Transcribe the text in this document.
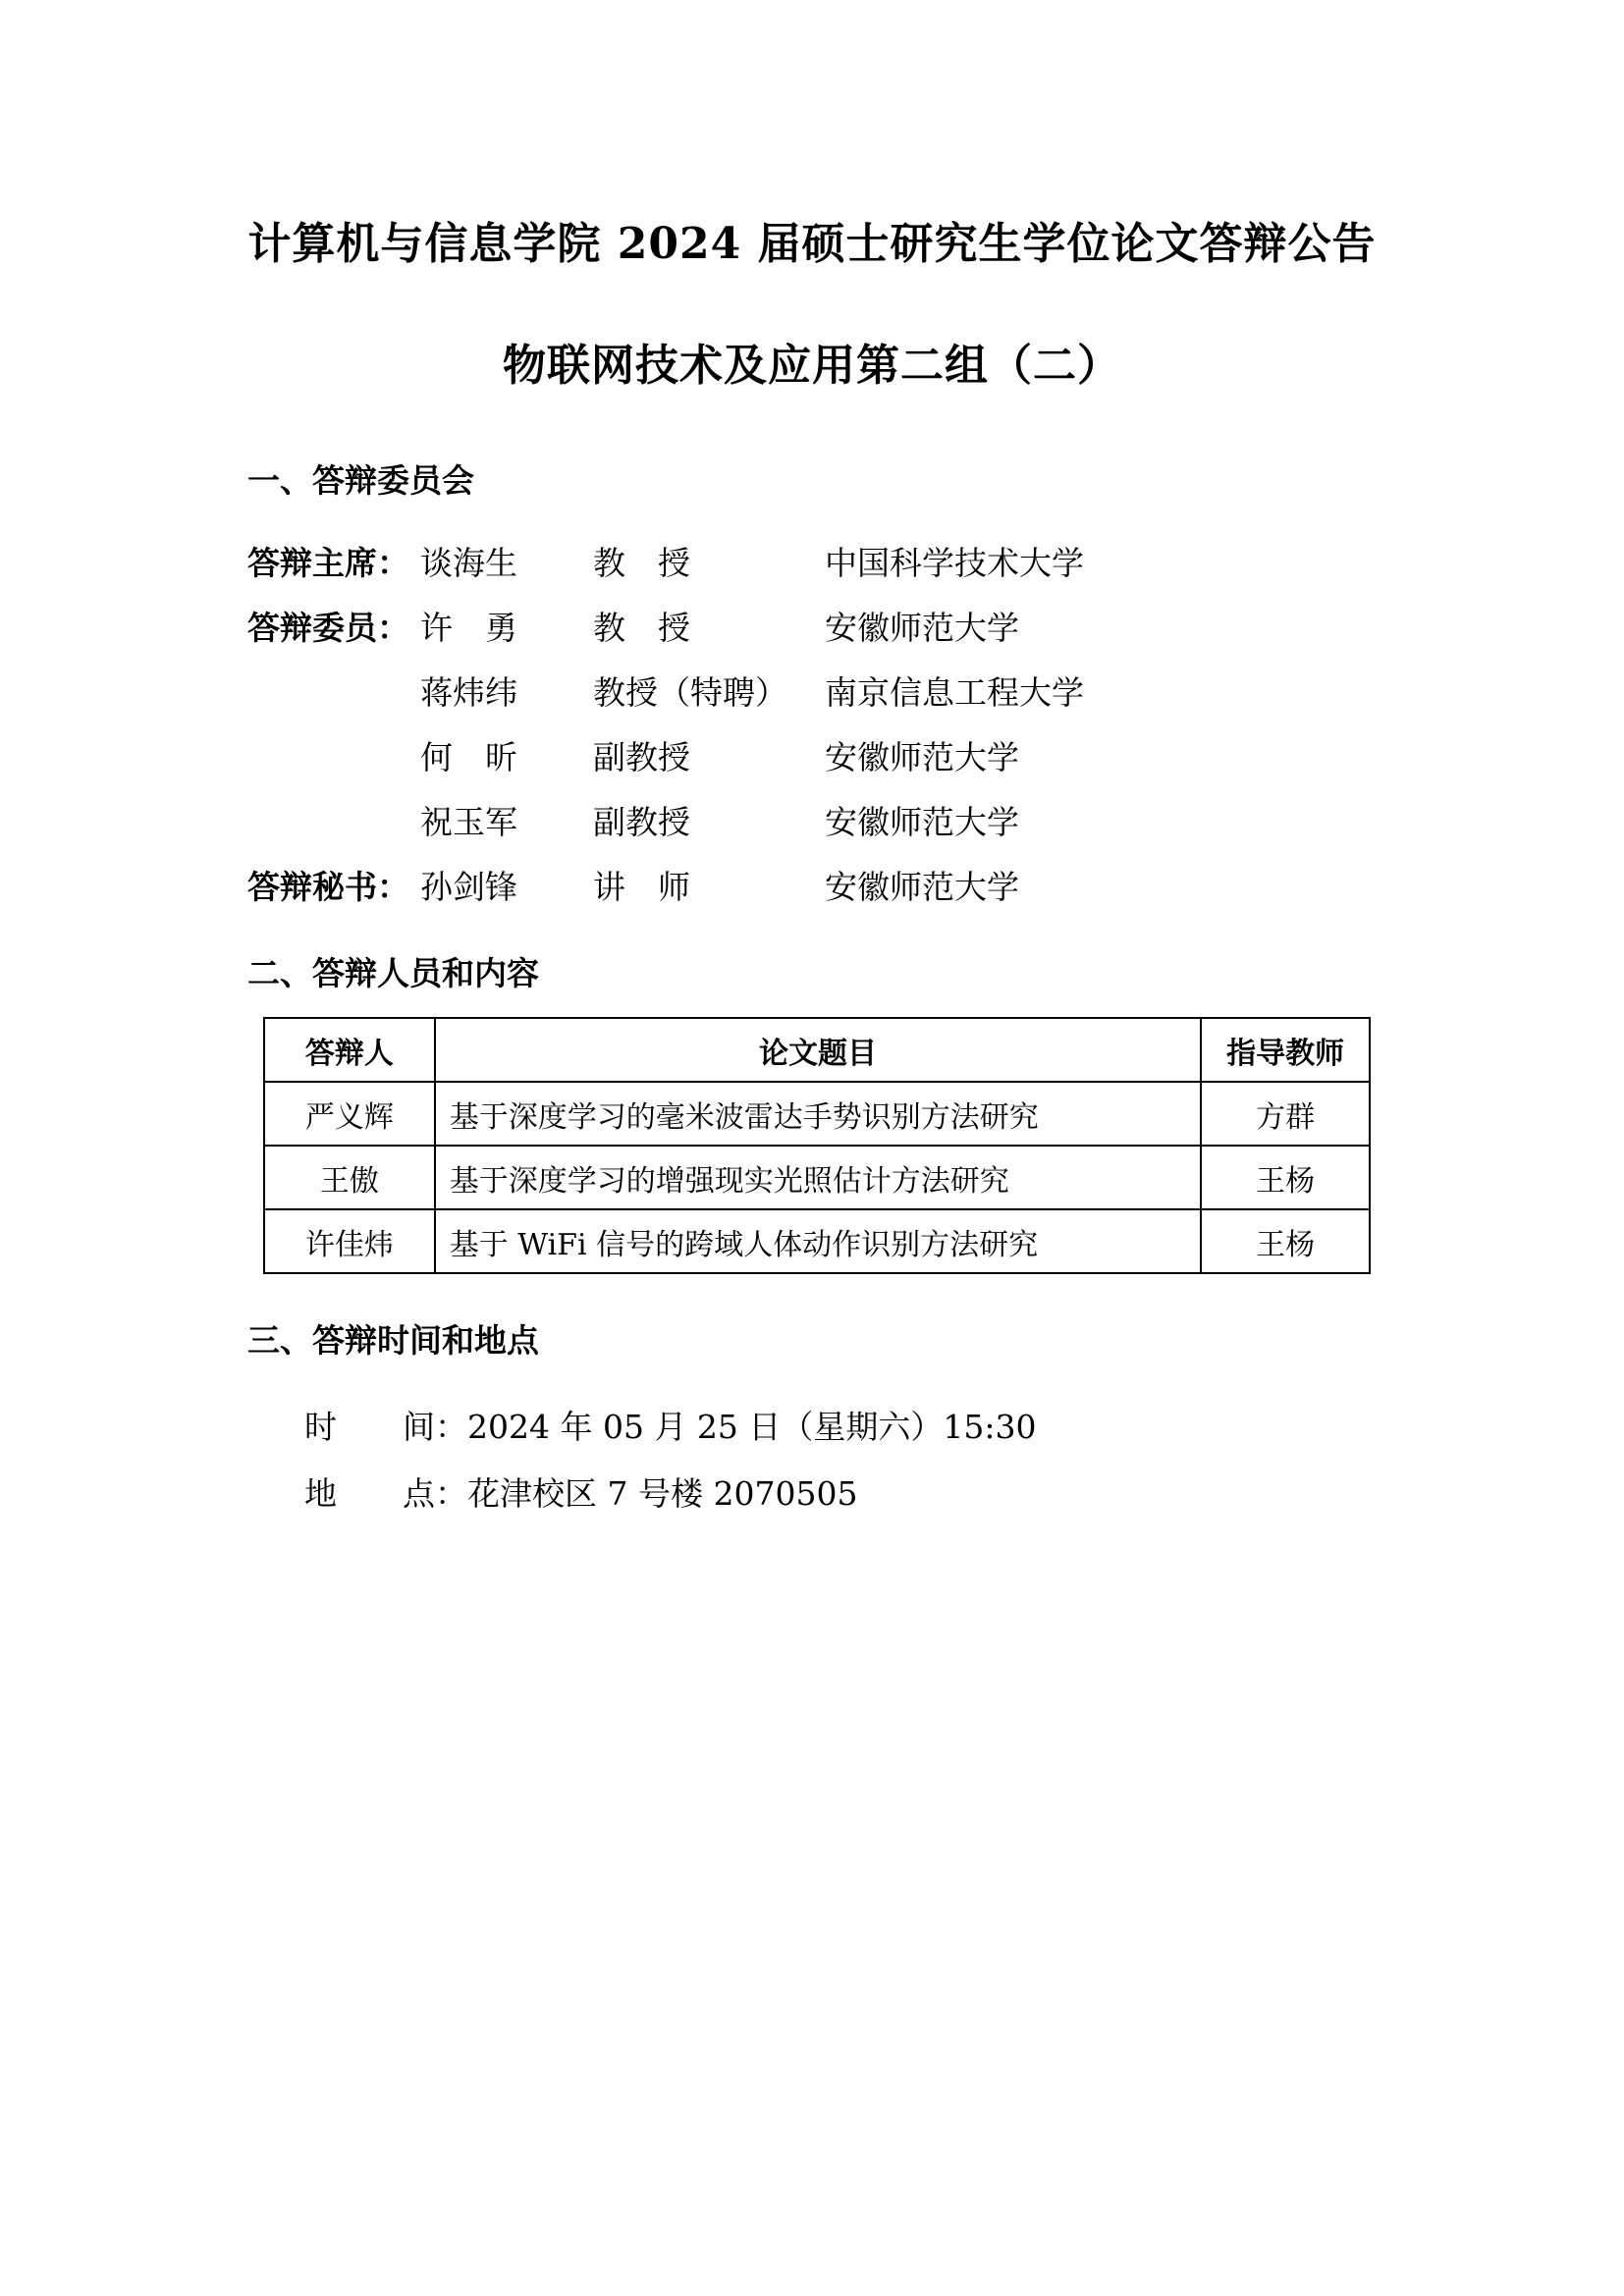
计算机与信息学院 2024 届硕士研究生学位论文答辩公告
物联网技术及应用第二组（二）
一、答辩委员会
答辩主席： 谈海生 教　授	中国科学技术大学
答辩委员： 许　勇 教　授	安徽师范大学
蒋炜纬 教授（特聘） 南京信息工程大学
何　昕 副教授	安徽师范大学
祝玉军 副教授	安徽师范大学
答辩秘书： 孙剑锋 讲　师	安徽师范大学
二、答辩人员和内容
答辩人	论文题目	指导教师
严义辉	基于深度学习的毫米波雷达手势识别方法研究	方群
王傲	基于深度学习的增强现实光照估计方法研究	王杨
许佳炜	基于 WiFi 信号的跨域人体动作识别方法研究	王杨
三、答辩时间和地点
时 间： 2024 年 05 月 25 日（星期六）15:30
地 点： 花津校区 7 号楼 2070505
